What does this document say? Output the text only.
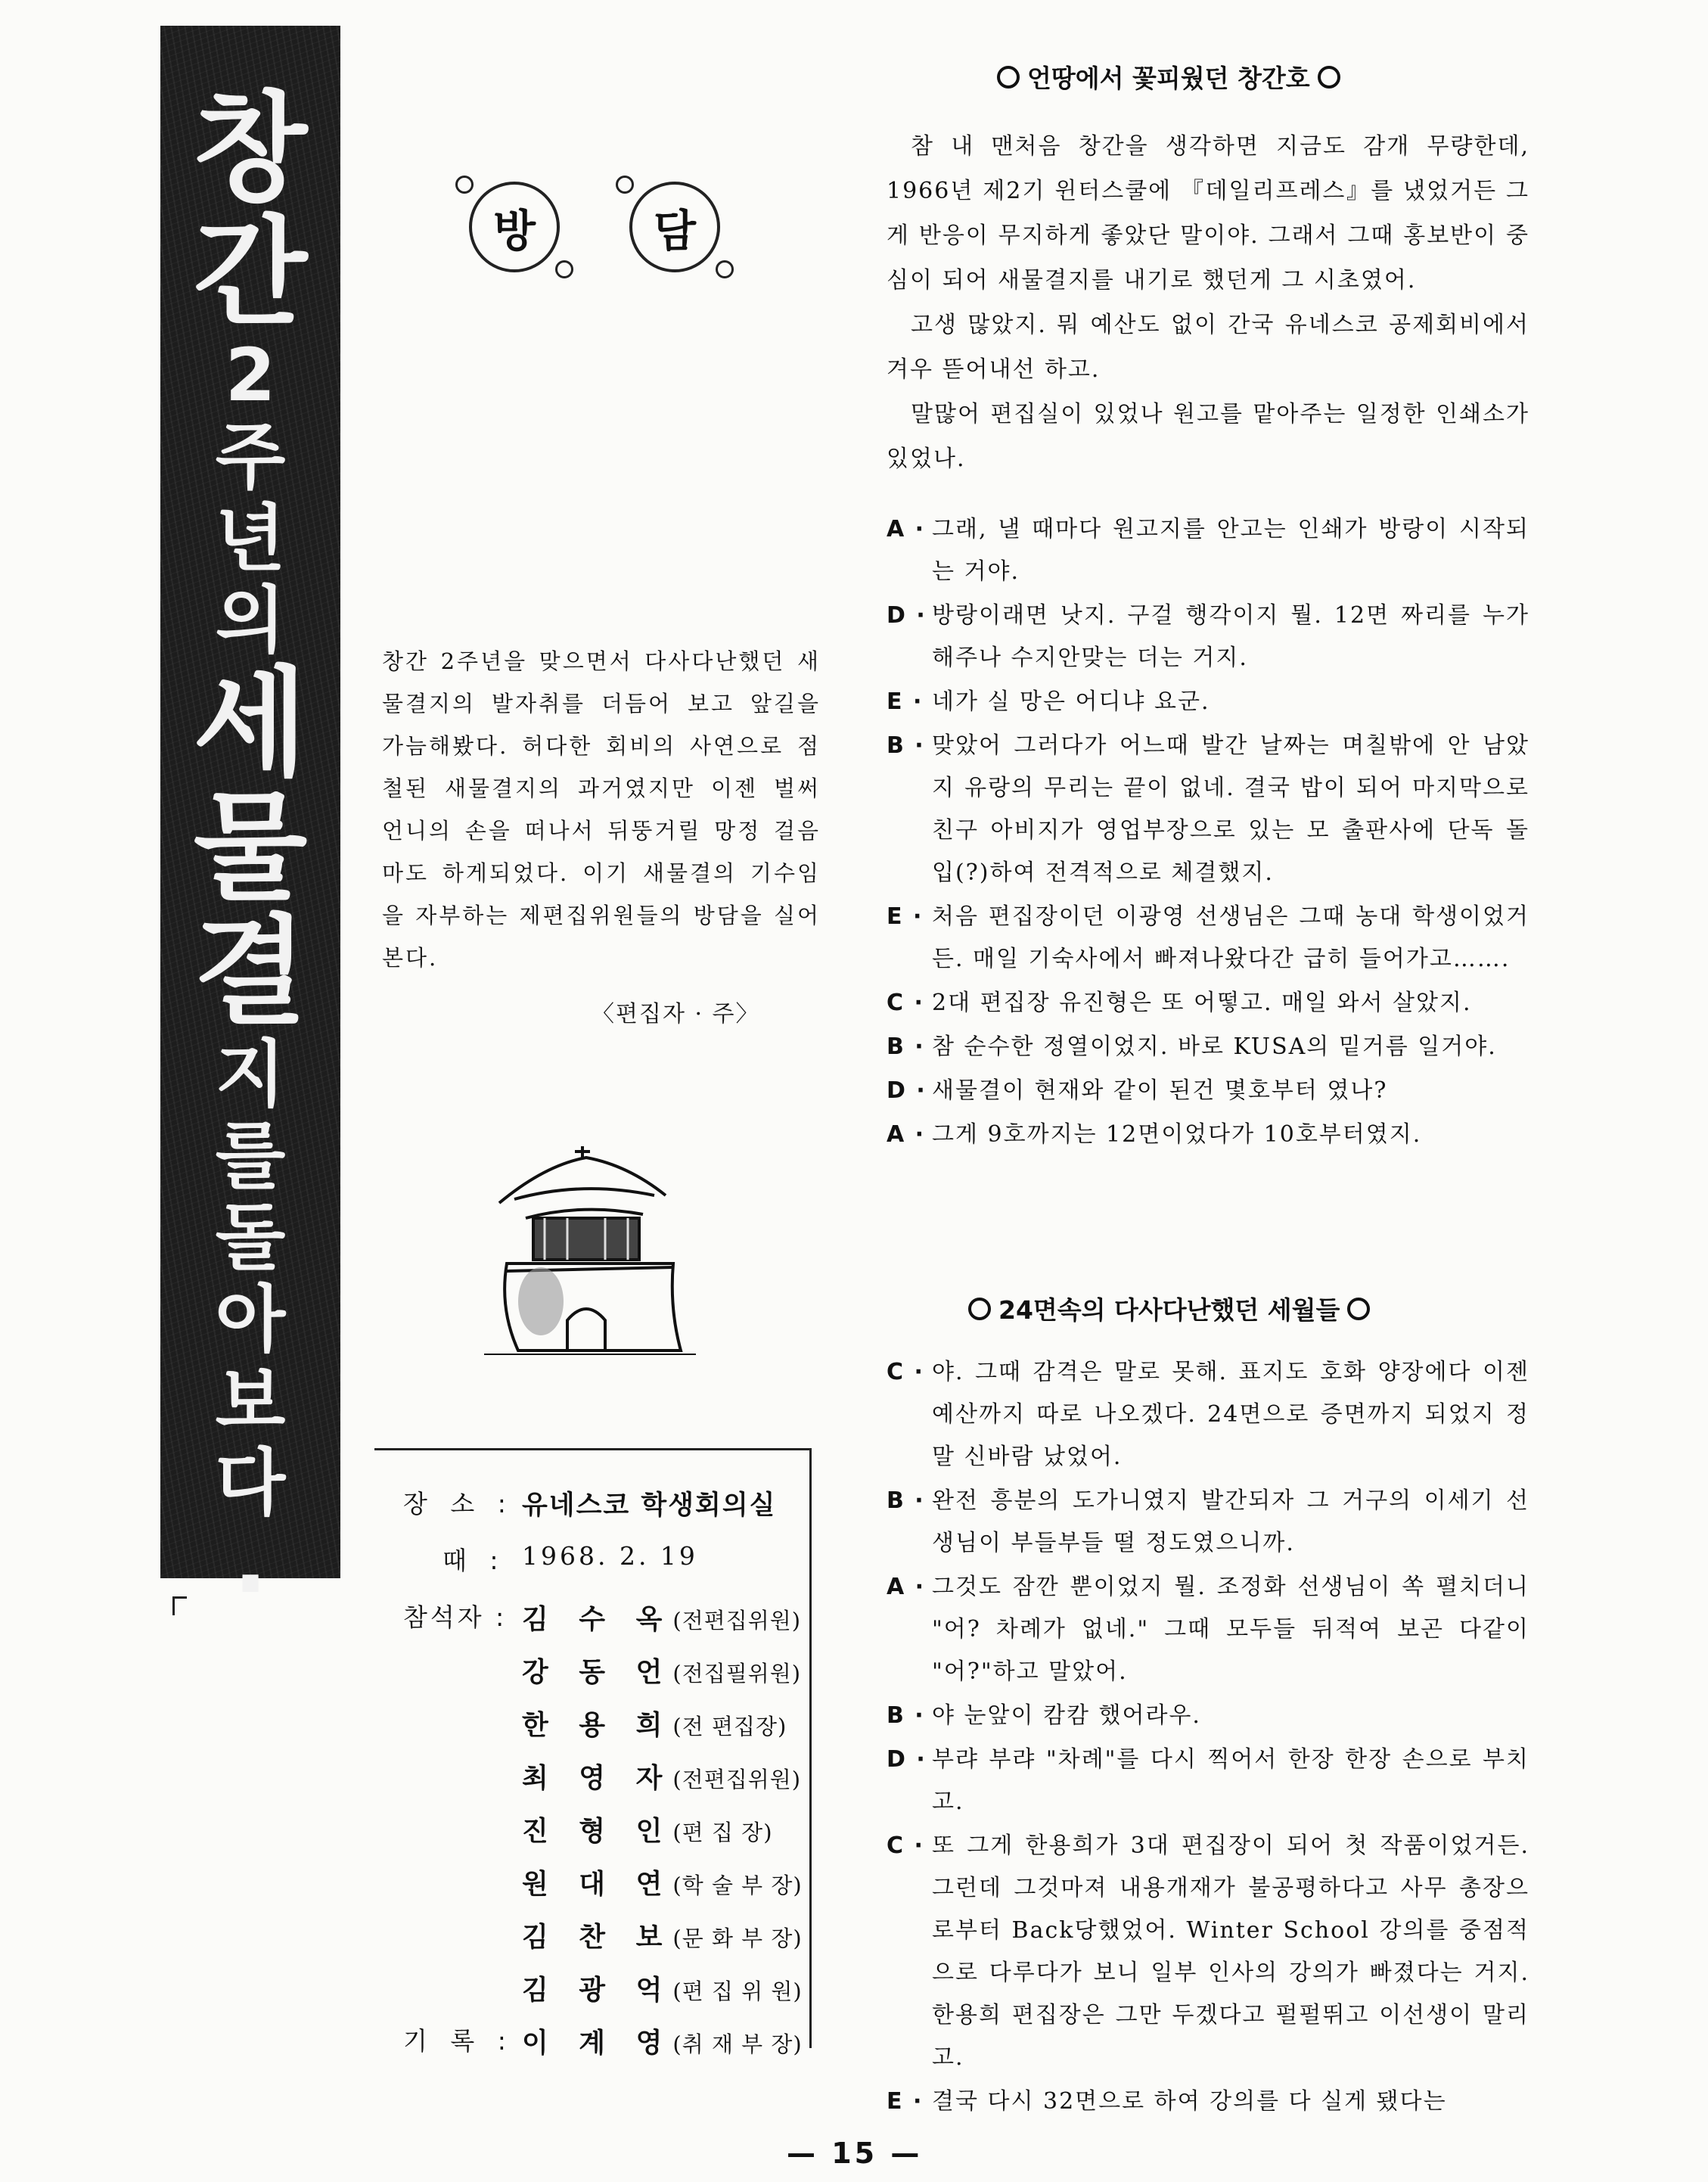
창
간
2
주
년
의
세
물
결
지
를
돌
아
보
다
.
방	담

창간 2주년을 맞으면서 다사다난했던 새물결지의 발자취를 더듬어 보고 앞길을 가늠해봤다. 허다한 회비의 사연으로 점철된 새물결지의 과거였지만 이젠 벌써 언니의 손을 떠나서 뒤뚱거릴 망정 걸음마도 하게되었다. 이기 새물결의 기수임을 자부하는 제편집위원들의 방담을 실어본다.

〈편집자 · 주〉
장 소 : 유네스코 학생회의실
때 : 1968. 2. 19
참석자 : 김 수 옥(전편집위원)
강 동 언(전집필위원)
한 용 희(전 편집장)
최 영 자(전편집위원)
진 형 인(편 집 장)
원 대 연(학 술 부 장)
김 찬 보(문 화 부 장)
김 광 억(편 집 위 원)
기 록 : 이 계 영(취 재 부 장)
언땅에서 꽃피웠던 창간호

참 내 맨처음 창간을 생각하면 지금도 감개 무량한데, 1966년 제2기 윈터스쿨에 『데일리프레스』를 냈었거든 그게 반응이 무지하게 좋았단 말이야. 그래서 그때 홍보반이 중심이 되어 새물결지를 내기로 했던게 그 시초였어.

고생 많았지. 뭐 예산도 없이 간국 유네스코 공제회비에서 겨우 뜯어내선 하고.

말많어 편집실이 있었나 원고를 맡아주는 일정한 인쇄소가 있었나.

A · 그래, 낼 때마다 원고지를 안고는 인쇄가 방랑이 시작되는 거야.

D · 방랑이래면 낫지. 구걸 행각이지 뭘. 12면 짜리를 누가 해주나 수지안맞는 더는 거지.

E · 네가 실 망은 어디냐 요군.

B · 맞았어 그러다가 어느때 발간 날짜는 며칠밖에 안 남았지 유랑의 무리는 끝이 없네. 결국 밥이 되어 마지막으로 친구 아비지가 영업부장으로 있는 모 출판사에 단독 돌입(?)하여 전격적으로 체결했지.

E · 처음 편집장이던 이광영 선생님은 그때 농대 학생이었거든. 매일 기숙사에서 빠져나왔다간 급히 들어가고…….

C · 2대 편집장 유진형은 또 어떻고. 매일 와서 살았지.

B · 참 순수한 정열이었지. 바로 KUSA의 밑거름 일거야.

D · 새물결이 현재와 같이 된건 몇호부터 였나?

A · 그게 9호까지는 12면이었다가 10호부터였지.

24면속의 다사다난했던 세월들

C · 야. 그때 감격은 말로 못해. 표지도 호화 양장에다 이젠 예산까지 따로 나오겠다. 24면으로 증면까지 되었지 정말 신바람 났었어.

B · 완전 흥분의 도가니였지 발간되자 그 거구의 이세기 선생님이 부들부들 떨 정도였으니까.

A · 그것도 잠깐 뿐이었지 뭘. 조정화 선생님이 쏙 펼치더니 "어? 차례가 없네." 그때 모두들 뒤적여 보곤 다같이 "어?"하고 말았어.

B · 야 눈앞이 캄캄 했어라우.

D · 부랴 부랴 "차례"를 다시 찍어서 한장 한장 손으로 부치고.

C · 또 그게 한용희가 3대 편집장이 되어 첫 작품이었거든. 그런데 그것마져 내용개재가 불공평하다고 사무 총장으로부터 Back당했었어. Winter School 강의를 중점적으로 다루다가 보니 일부 인사의 강의가 빠졌다는 거지. 한용희 편집장은 그만 두겠다고 펄펄뛰고 이선생이 말리고.

E · 결국 다시 32면으로 하여 강의를 다 실게 됐다는

— 15 —
